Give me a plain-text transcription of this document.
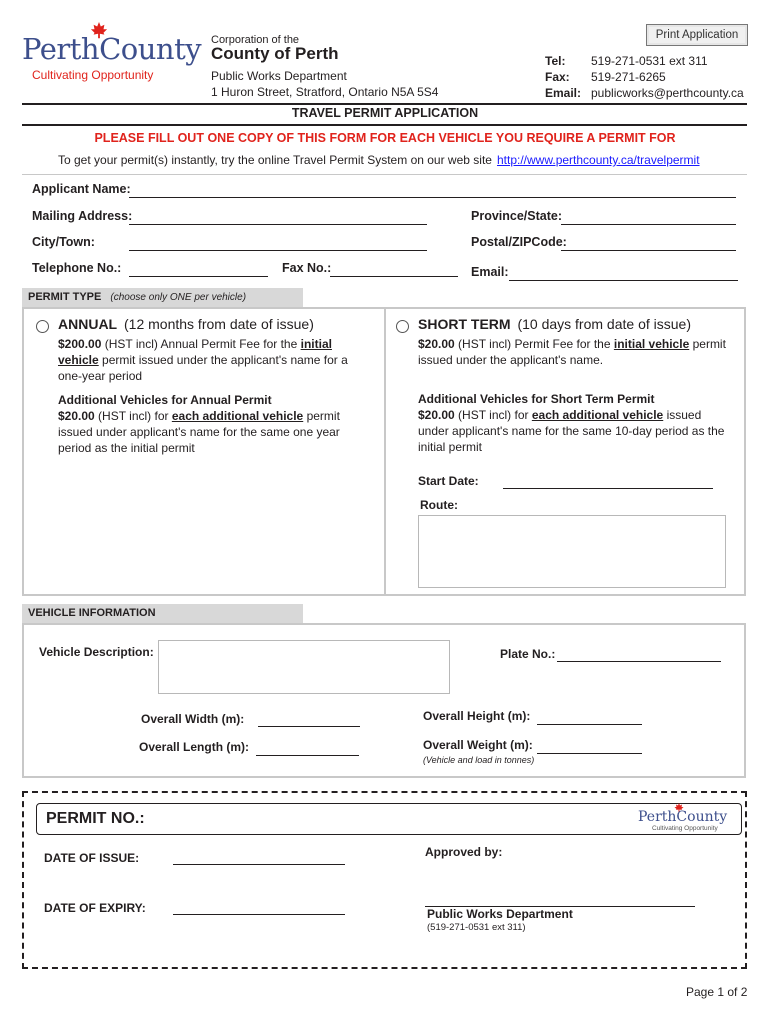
PerthCounty
Cultivating Opportunity
Corporation of the
County of Perth
Public Works Department
1 Huron Street, Stratford, Ontario N5A 5S4
Print Application
Tel: 519-271-0531 ext 311
Fax: 519-271-6265
Email: publicworks@perthcounty.ca
TRAVEL PERMIT APPLICATION
PLEASE FILL OUT ONE COPY OF THIS FORM FOR EACH VEHICLE YOU REQUIRE A PERMIT FOR
To get your permit(s) instantly, try the online Travel Permit System on our web site http://www.perthcounty.ca/travelpermit
Applicant Name:
Mailing Address:	Province/State:
City/Town:	Postal/ZIPCode:
Telephone No.:	Fax No.:	Email:
PERMIT TYPE (choose only ONE per vehicle)
ANNUAL (12 months from date of issue)
$200.00 (HST incl) Annual Permit Fee for the initial vehicle permit issued under the applicant's name for a one-year period
Additional Vehicles for Annual Permit
$20.00 (HST incl) for each additional vehicle permit issued under applicant's name for the same one year period as the initial permit
SHORT TERM (10 days from date of issue)
$20.00 (HST incl) Permit Fee for the initial vehicle permit issued under the applicant's name.
Additional Vehicles for Short Term Permit
$20.00 (HST incl) for each additional vehicle issued under applicant's name for the same 10-day period as the initial permit
Start Date:
Route:
VEHICLE INFORMATION
Vehicle Description:	Plate No.:
Overall Width (m):	Overall Height (m):
Overall Length (m):	Overall Weight (m):
(Vehicle and load in tonnes)
PERMIT NO.:	PerthCounty
Cultivating Opportunity
DATE OF ISSUE:	Approved by:
DATE OF EXPIRY:	Public Works Department
(519-271-0531 ext 311)
Page 1 of 2
